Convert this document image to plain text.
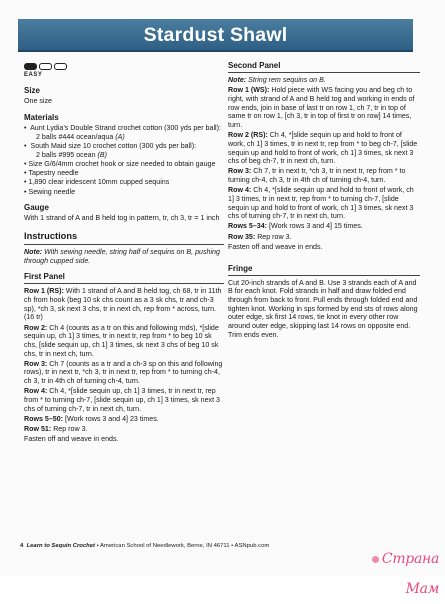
Stardust Shawl
EASY
Size

One size

Materials
• Aunt Lydia’s Double Strand crochet cotton (300 yds per ball):
2 balls #444 ocean/aqua (A)
• South Maid size 10 crochet cotton (300 yds per ball):
2 balls #995 ocean (B)
• Size G/6/4mm crochet hook or size needed to obtain gauge
• Tapestry needle
• 1,890 clear iridescent 10mm cupped sequins
• Sewing needle
Gauge

With 1 strand of A and B held tog in pattern, tr, ch 3, tr = 1 inch

Instructions

Note: With sewing needle, string half of sequins on B, pushing through cupped side.

First Panel

Row 1 (RS): With 1 strand of A and B held tog, ch 68, tr in 11th ch from hook (beg 10 sk chs count as a 3 sk chs, tr and ch-3 sp), *ch 3, sk next 3 chs, tr in next ch, rep from * across, turn. (16 tr)

Row 2: Ch 4 (counts as a tr on this and following rnds), *[slide sequin up, ch 1] 3 times, tr in next tr, rep from * to beg 10 sk chs, [slide sequin up, ch 1] 3 times, sk next 3 chs of beg 10 sk chs, tr in next ch, turn.

Row 3: Ch 7 (counts as a tr and a ch-3 sp on this and following rows), tr in next tr, *ch 3, tr in next tr, rep from * to turning ch-4, ch 3, tr in 4th ch of turning ch-4, turn.

Row 4: Ch 4, *[slide sequin up, ch 1] 3 times, tr in next tr, rep from * to turning ch-7, [slide sequin up, ch 1] 3 times, sk next 3 chs of turning ch-7, tr in next ch, turn.

Rows 5–50: [Work rows 3 and 4] 23 times.

Row 51: Rep row 3.

Fasten off and weave in ends.

Second Panel

Note: String rem sequins on B.

Row 1 (WS): Hold piece with WS facing you and beg ch to right, with strand of A and B held tog and working in ends of row ends, join in base of last tr on row 1, ch 7, tr in top of same tr on row 1, [ch 3, tr in top of first tr on row] 14 times, turn.

Row 2 (RS): Ch 4, *[slide sequin up and hold to front of work, ch 1] 3 times, tr in next tr, rep from * to beg ch-7, [slide sequin up and hold to front of work, ch 1] 3 times, sk next 3 chs of beg ch-7, tr in next ch, turn.

Row 3: Ch 7, tr in next tr, *ch 3, tr in next tr, rep from * to turning ch-4, ch 3, tr in 4th ch of turning ch-4, turn.

Row 4: Ch 4, *[slide sequin up and hold to front of work, ch 1] 3 times, tr in next tr, rep from * to turning ch-7, [slide sequin up and hold to front of work, ch 1] 3 times, sk next 3 chs of turning ch-7, tr in next ch, turn.

Rows 5–34: [Work rows 3 and 4] 15 times.

Row 35: Rep row 3.

Fasten off and weave in ends.

Fringe

Cut 20-inch strands of A and B. Use 3 strands each of A and B for each knot. Fold strands in half and draw folded end through from back to front. Pull ends through folded end and tighten knot. Working in sps formed by end sts of rows along outer edge, sk first 14 rows, tie knot in every other row around outer edge, skipping last 14 rows on opposite end. Trim ends even.

4 Learn to Sequin Crochet • American School of Needlework, Berne, IN 46711 • ASNpub.com
Страна Мам
